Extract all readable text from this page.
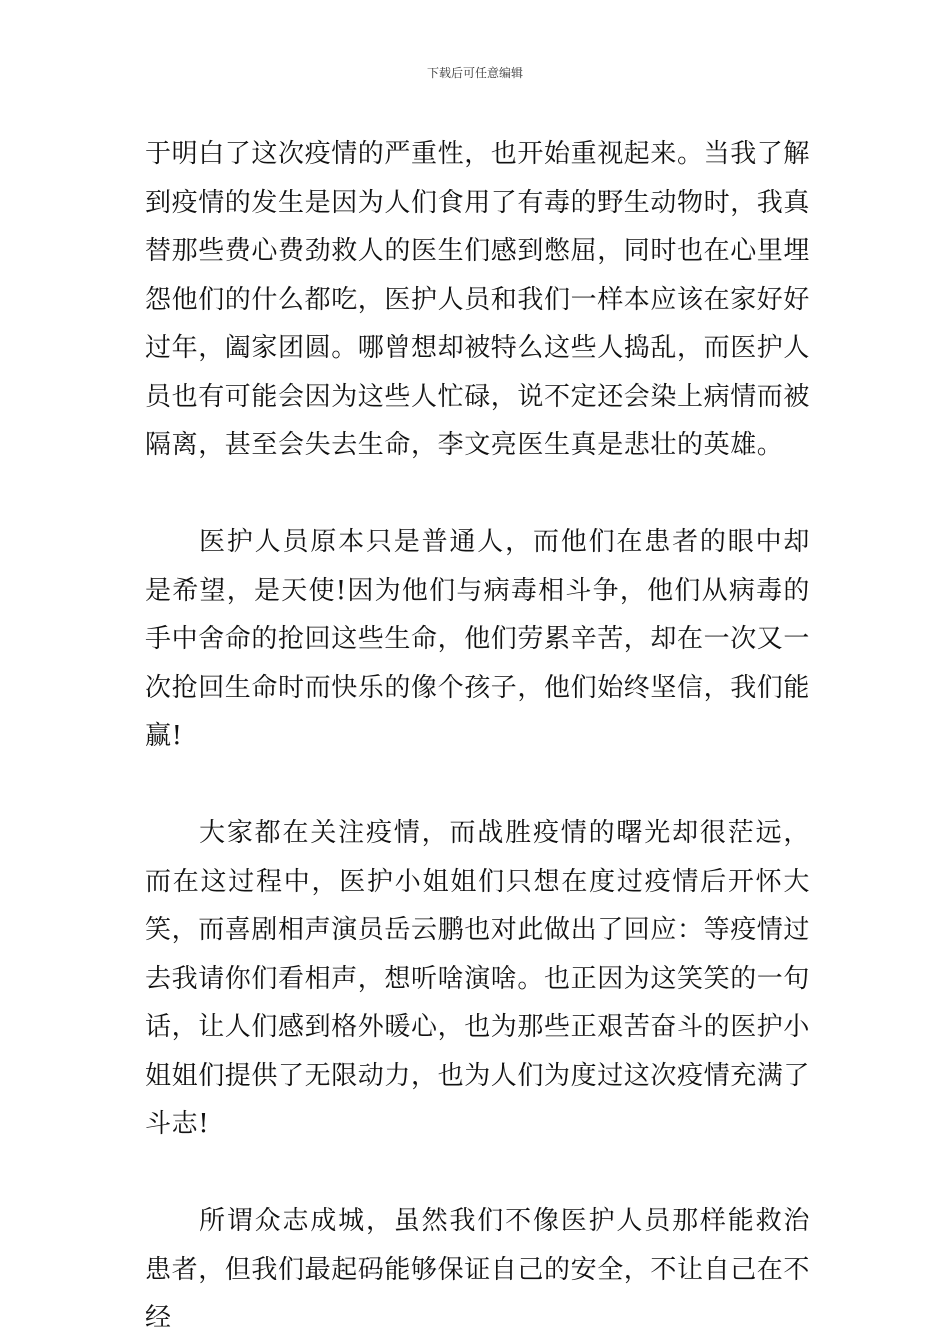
下载后可任意编辑

于明白了这次疫情的严重性，也开始重视起来。当我了解到疫情的发生是因为人们食用了有毒的野生动物时，我真替那些费心费劲救人的医生们感到憋屈，同时也在心里埋怨他们的什么都吃，医护人员和我们一样本应该在家好好过年，阖家团圆。哪曾想却被特么这些人捣乱，而医护人员也有可能会因为这些人忙碌，说不定还会染上病情而被隔离，甚至会失去生命，李文亮医生真是悲壮的英雄。

医护人员原本只是普通人，而他们在患者的眼中却是希望，是天使!因为他们与病毒相斗争，他们从病毒的手中舍命的抢回这些生命，他们劳累辛苦，却在一次又一次抢回生命时而快乐的像个孩子，他们始终坚信，我们能赢!

大家都在关注疫情，而战胜疫情的曙光却很茫远，而在这过程中，医护小姐姐们只想在度过疫情后开怀大笑，而喜剧相声演员岳云鹏也对此做出了回应：等疫情过去我请你们看相声，想听啥演啥。也正因为这笑笑的一句话，让人们感到格外暖心，也为那些正艰苦奋斗的医护小姐姐们提供了无限动力，也为人们为度过这次疫情充满了斗志!

所谓众志成城，虽然我们不像医护人员那样能救治患者，但我们最起码能够保证自己的安全，不让自己在不经
